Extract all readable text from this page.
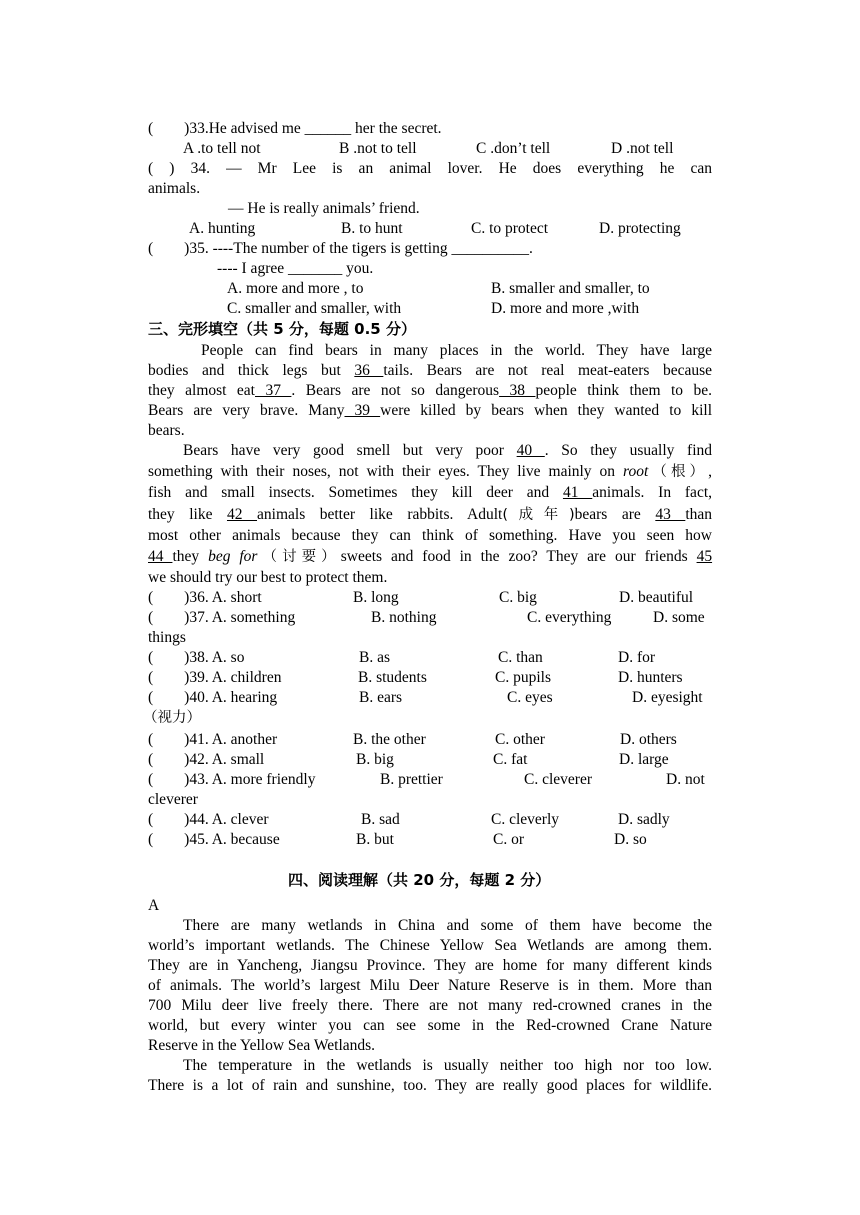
(        )33.He advised me ______ her the secret.
A .to tell not	B .not to tell	C .don’t tell	D .not tell
( ) 34. — Mr Lee is an animal lover. He does everything he can
animals.
— He is really animals’ friend.
A. hunting	B. to hunt	C. to protect	D. protecting
(        )35. ----The number of the tigers is getting __________.
---- I agree _______ you.
A. more and more , to	B. smaller and smaller, to
C. smaller and smaller, with	D. more and more ,with
三、完形填空（共 5 分，每题 0.5 分）
People can find bears in many places in the world. They have large
bodies and thick legs but 36 tails. Bears are not real meat-eaters because
they almost eat 37 . Bears are not so dangerous 38 people think them to be.
Bears are very brave. Many 39 were killed by bears when they wanted to kill
bears.
Bears have very good smell but very poor 40 . So they usually find
something with their noses, not with their eyes. They live mainly on root（根）,
fish and small insects. Sometimes they kill deer and 41 animals. In fact,
they like 42 animals better like rabbits. Adult(成年)bears are 43 than
most other animals because they can think of something. Have you seen how
44 they beg for（讨要）sweets and food in the zoo? They are our friends 45
we should try our best to protect them.
(        )36. A. short	B. long	C. big	D. beautiful
(        )37. A. something	B. nothing	C. everything	D. some
things
(        )38. A. so	B. as	C. than	D. for
(        )39. A. children	B. students	C. pupils	D. hunters
(        )40. A. hearing	B. ears	C. eyes	D. eyesight
（视力）
(        )41. A. another	B. the other	C. other	D. others
(        )42. A. small	B. big	C. fat	D. large
(        )43. A. more friendly	B. prettier	C. cleverer	D. not
cleverer
(        )44. A. clever	B. sad	C. cleverly	D. sadly
(        )45. A. because	B. but	C. or	D. so
四、阅读理解（共 20 分，每题 2 分）
A
There are many wetlands in China and some of them have become the
world’s important wetlands. The Chinese Yellow Sea Wetlands are among them.
They are in Yancheng, Jiangsu Province. They are home for many different kinds
of animals. The world’s largest Milu Deer Nature Reserve is in them. More than
700 Milu deer live freely there. There are not many red-crowned cranes in the
world, but every winter you can see some in the Red-crowned Crane Nature
Reserve in the Yellow Sea Wetlands.
The temperature in the wetlands is usually neither too high nor too low.
There is a lot of rain and sunshine, too. They are really good places for wildlife.
